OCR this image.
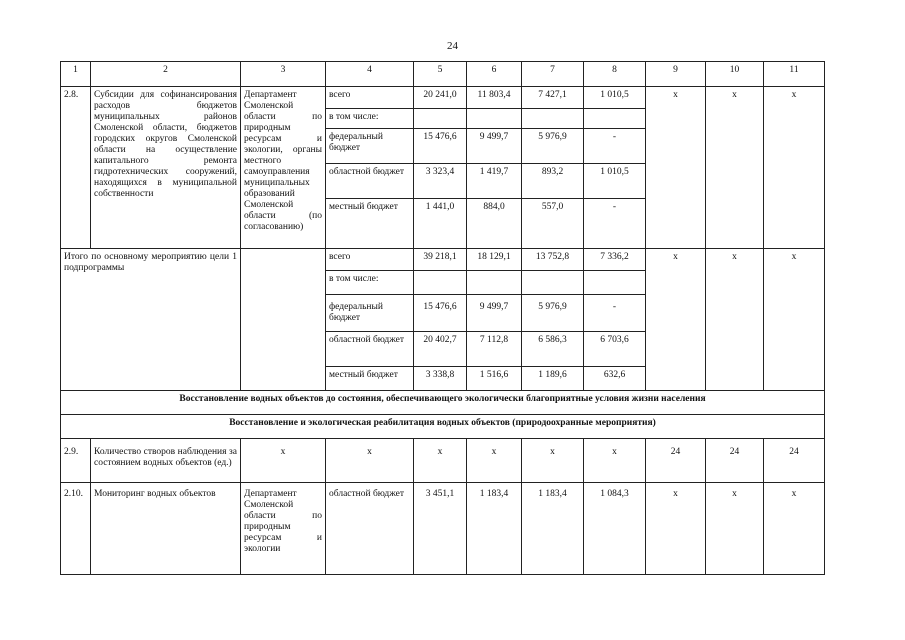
24
1	2	3	4	5	6	7	8	9	10	11
2.8.	Субсидии для софинансирования расходов бюджетов муниципальных районов Смоленской области, бюджетов городских округов Смоленской области на осуществление капитального ремонта гидротехнических сооружений, находящихся в муниципальной собственности	Департамент Смоленской области по природным ресурсам и экологии, органы местного самоуправления муниципальных образований Смоленской области (по согласованию)	всего	20 241,0	11 803,4	7 427,1	1 010,5	x	x	x
			в том числе:							
			федеральный бюджет	15 476,6	9 499,7	5 976,9	-			
			областной бюджет	3 323,4	1 419,7	893,2	1 010,5			
			местный бюджет	1 441,0	884,0	557,0	-			
Итого по основному мероприятию цели 1 подпрограммы			всего	39 218,1	18 129,1	13 752,8	7 336,2	x	x	x
			в том числе:							
			федеральный бюджет	15 476,6	9 499,7	5 976,9	-			
			областной бюджет	20 402,7	7 112,8	6 586,3	6 703,6			
			местный бюджет	3 338,8	1 516,6	1 189,6	632,6			
Восстановление водных объектов до состояния, обеспечивающего экологически благоприятные условия жизни населения										
Восстановление и экологическая реабилитация водных объектов (природоохранные мероприятия)										
2.9.	Количество створов наблюдения за состоянием водных объектов (ед.)	x	x	x	x	x	x	24	24	24
2.10.	Мониторинг водных объектов	Департамент Смоленской области по природным ресурсам и экологии	областной бюджет	3 451,1	1 183,4	1 183,4	1 084,3	x	x	x
